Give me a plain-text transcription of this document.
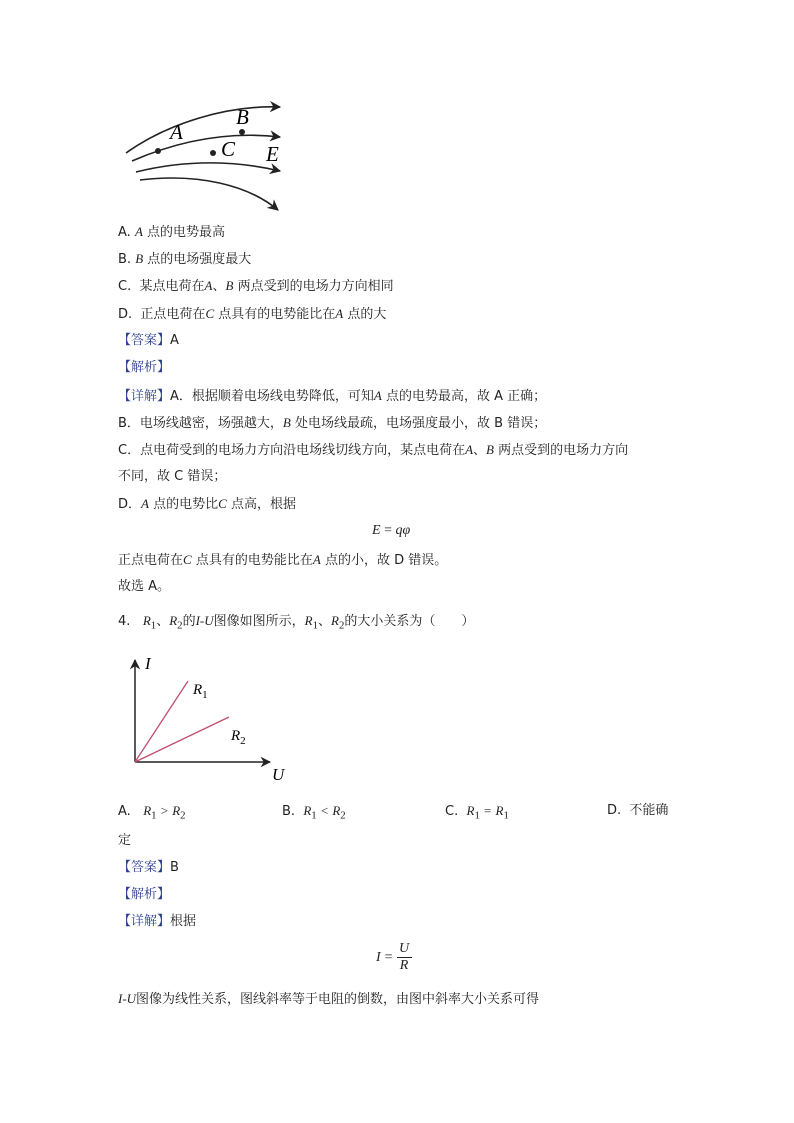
A
B
C E
A. A 点的电势最高
B. B 点的电场强度最大
C. 某点电荷在A、B 两点受到的电场力方向相同
D. 正点电荷在C 点具有的电势能比在A 点的大
【答案】A
【解析】
【详解】A．根据顺着电场线电势降低，可知A 点的电势最高，故 A 正确；
B．电场线越密，场强越大，B 处电场线最疏，电场强度最小，故 B 错误；
C．点电荷受到的电场力方向沿电场线切线方向，某点电荷在A、B 两点受到的电场力方向
不同，故 C 错误；
D．A 点的电势比C 点高，根据
E = qφ
正点电荷在C 点具有的电势能比在A 点的小，故 D 错误。
故选 A。
4. $R_1$、$R_2$的I-U图像如图所示，$R_1$、$R_2$的大小关系为（　　）
I
U
$R_1$
$R_2$
A. $R_1 > R_2$	B. $R_1 < R_2$	C. $R_1 = R_1$	D. 不能确
定
【答案】B
【解析】
【详解】根据
I =
U
R
I-U图像为线性关系，图线斜率等于电阻的倒数，由图中斜率大小关系可得
